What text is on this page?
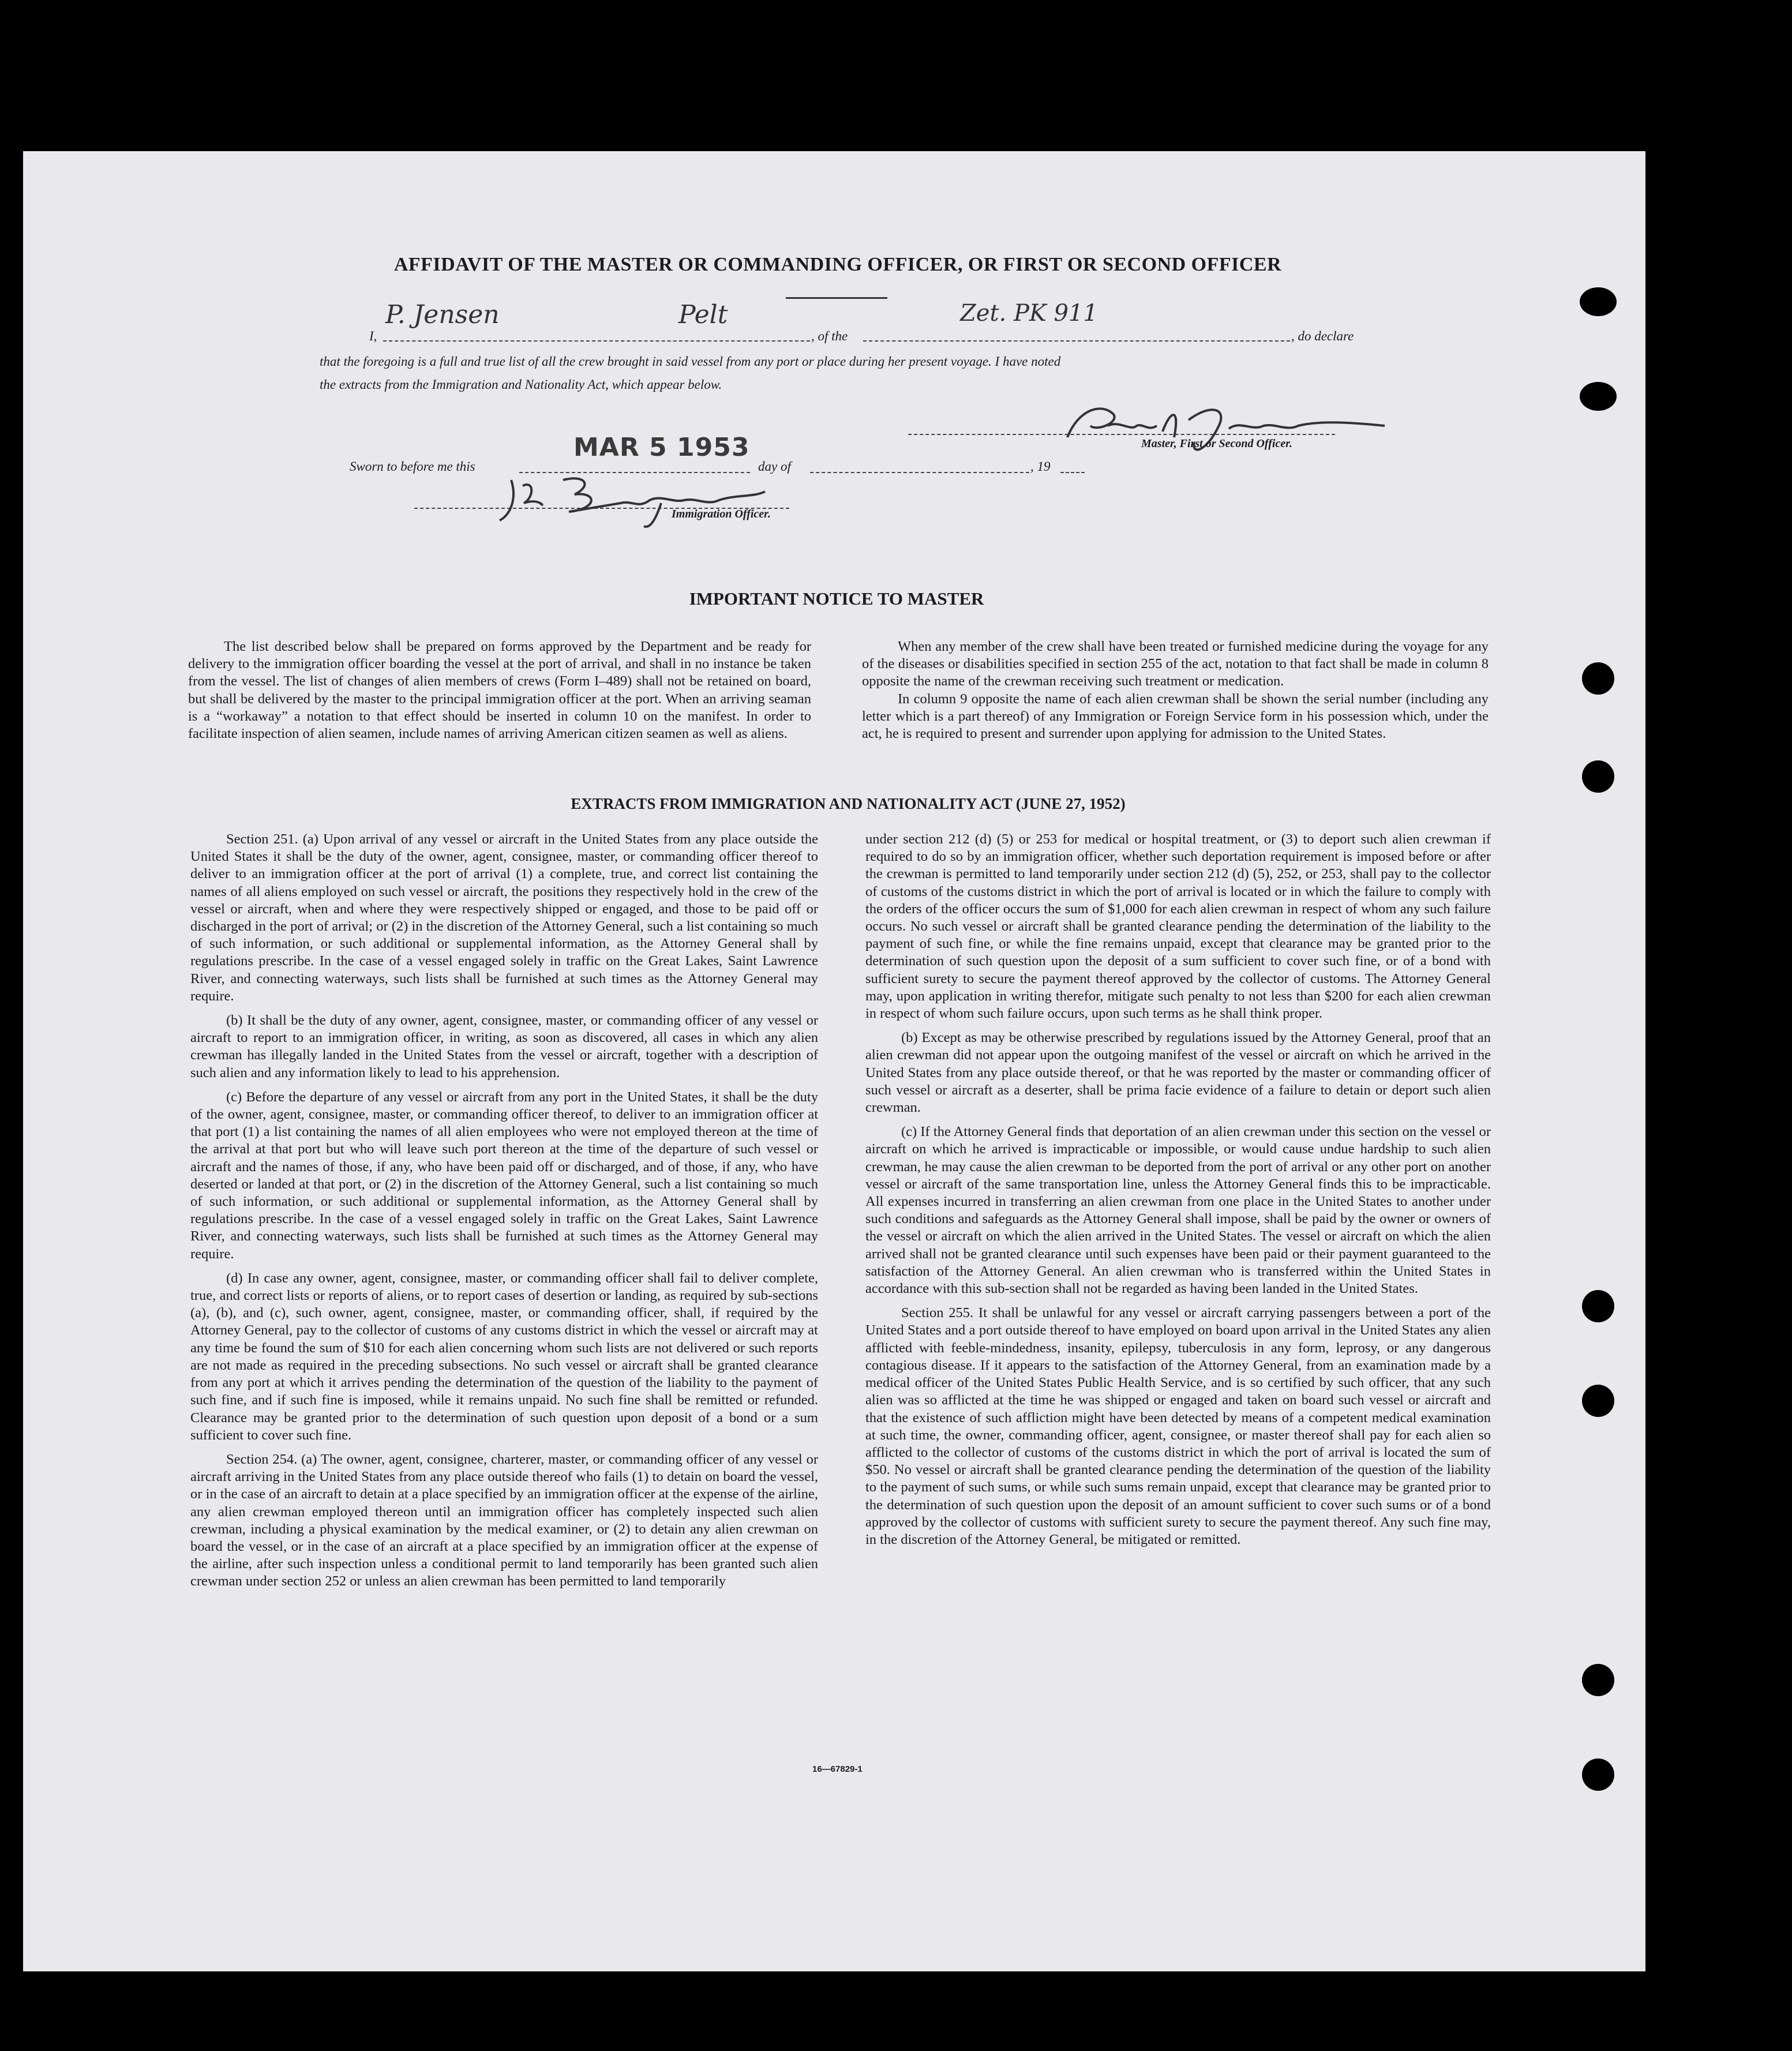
AFFIDAVIT OF THE MASTER OR COMMANDING OFFICER, OR FIRST OR SECOND OFFICER
I,
P. Jensen	Pelt
, of the
Zet. PK 911
, do declare
that the foregoing is a full and true list of all the crew brought in said vessel from any port or place during her present voyage. I have noted
the extracts from the Immigration and Nationality Act, which appear below.
Master, First or Second Officer.
Sworn to before me this
MAR 5 1953
day of	, 19
Immigration Officer.
IMPORTANT NOTICE TO MASTER

The list described below shall be prepared on forms approved by the Department and be ready for delivery to the immigration officer boarding the vessel at the port of arrival, and shall in no instance be taken from the vessel. The list of changes of alien members of crews (Form I–489) shall not be retained on board, but shall be delivered by the master to the principal immigration officer at the port. When an arriving seaman is a “workaway” a notation to that effect should be inserted in column 10 on the manifest. In order to facilitate inspection of alien seamen, include names of arriving American citizen seamen as well as aliens.

When any member of the crew shall have been treated or furnished medicine during the voyage for any of the diseases or disabilities specified in section 255 of the act, notation to that fact shall be made in column 8 opposite the name of the crewman receiving such treatment or medication.

In column 9 opposite the name of each alien crewman shall be shown the serial number (including any letter which is a part thereof) of any Immigration or Foreign Service form in his possession which, under the act, he is required to present and surrender upon applying for admission to the United States.

EXTRACTS FROM IMMIGRATION AND NATIONALITY ACT (JUNE 27, 1952)

Section 251. (a) Upon arrival of any vessel or aircraft in the United States from any place outside the United States it shall be the duty of the owner, agent, consignee, master, or commanding officer thereof to deliver to an immigration officer at the port of arrival (1) a complete, true, and correct list containing the names of all aliens employed on such vessel or aircraft, the positions they respectively hold in the crew of the vessel or aircraft, when and where they were respectively shipped or engaged, and those to be paid off or discharged in the port of arrival; or (2) in the discretion of the Attorney General, such a list containing so much of such information, or such additional or supplemental information, as the Attorney General shall by regulations prescribe. In the case of a vessel engaged solely in traffic on the Great Lakes, Saint Lawrence River, and connecting waterways, such lists shall be furnished at such times as the Attorney General may require.

(b) It shall be the duty of any owner, agent, consignee, master, or commanding officer of any vessel or aircraft to report to an immigration officer, in writing, as soon as discovered, all cases in which any alien crewman has illegally landed in the United States from the vessel or aircraft, together with a description of such alien and any information likely to lead to his apprehension.

(c) Before the departure of any vessel or aircraft from any port in the United States, it shall be the duty of the owner, agent, consignee, master, or commanding officer thereof, to deliver to an immigration officer at that port (1) a list containing the names of all alien employees who were not employed thereon at the time of the arrival at that port but who will leave such port thereon at the time of the departure of such vessel or aircraft and the names of those, if any, who have been paid off or discharged, and of those, if any, who have deserted or landed at that port, or (2) in the discretion of the Attorney General, such a list containing so much of such information, or such additional or supplemental information, as the Attorney General shall by regulations prescribe. In the case of a vessel engaged solely in traffic on the Great Lakes, Saint Lawrence River, and connecting waterways, such lists shall be furnished at such times as the Attorney General may require.

(d) In case any owner, agent, consignee, master, or commanding officer shall fail to deliver complete, true, and correct lists or reports of aliens, or to report cases of desertion or landing, as required by sub-sections (a), (b), and (c), such owner, agent, consignee, master, or commanding officer, shall, if required by the Attorney General, pay to the collector of customs of any customs district in which the vessel or aircraft may at any time be found the sum of $10 for each alien concerning whom such lists are not delivered or such reports are not made as required in the preceding subsections. No such vessel or aircraft shall be granted clearance from any port at which it arrives pending the determination of the question of the liability to the payment of such fine, and if such fine is imposed, while it remains unpaid. No such fine shall be remitted or refunded. Clearance may be granted prior to the determination of such question upon deposit of a bond or a sum sufficient to cover such fine.

Section 254. (a) The owner, agent, consignee, charterer, master, or commanding officer of any vessel or aircraft arriving in the United States from any place outside thereof who fails (1) to detain on board the vessel, or in the case of an aircraft to detain at a place specified by an immigration officer at the expense of the airline, any alien crewman employed thereon until an immigration officer has completely inspected such alien crewman, including a physical examination by the medical examiner, or (2) to detain any alien crewman on board the vessel, or in the case of an aircraft at a place specified by an immigration officer at the expense of the airline, after such inspection unless a conditional permit to land temporarily has been granted such alien crewman under section 252 or unless an alien crewman has been permitted to land temporarily

under section 212 (d) (5) or 253 for medical or hospital treatment, or (3) to deport such alien crewman if required to do so by an immigration officer, whether such deportation requirement is imposed before or after the crewman is permitted to land temporarily under section 212 (d) (5), 252, or 253, shall pay to the collector of customs of the customs district in which the port of arrival is located or in which the failure to comply with the orders of the officer occurs the sum of $1,000 for each alien crewman in respect of whom any such failure occurs. No such vessel or aircraft shall be granted clearance pending the determination of the liability to the payment of such fine, or while the fine remains unpaid, except that clearance may be granted prior to the determination of such question upon the deposit of a sum sufficient to cover such fine, or of a bond with sufficient surety to secure the payment thereof approved by the collector of customs. The Attorney General may, upon application in writing therefor, mitigate such penalty to not less than $200 for each alien crewman in respect of whom such failure occurs, upon such terms as he shall think proper.

(b) Except as may be otherwise prescribed by regulations issued by the Attorney General, proof that an alien crewman did not appear upon the outgoing manifest of the vessel or aircraft on which he arrived in the United States from any place outside thereof, or that he was reported by the master or commanding officer of such vessel or aircraft as a deserter, shall be prima facie evidence of a failure to detain or deport such alien crewman.

(c) If the Attorney General finds that deportation of an alien crewman under this section on the vessel or aircraft on which he arrived is impracticable or impossible, or would cause undue hardship to such alien crewman, he may cause the alien crewman to be deported from the port of arrival or any other port on another vessel or aircraft of the same transportation line, unless the Attorney General finds this to be impracticable. All expenses incurred in transferring an alien crewman from one place in the United States to another under such conditions and safeguards as the Attorney General shall impose, shall be paid by the owner or owners of the vessel or aircraft on which the alien arrived in the United States. The vessel or aircraft on which the alien arrived shall not be granted clearance until such expenses have been paid or their payment guaranteed to the satisfaction of the Attorney General. An alien crewman who is transferred within the United States in accordance with this sub-section shall not be regarded as having been landed in the United States.

Section 255. It shall be unlawful for any vessel or aircraft carrying passengers between a port of the United States and a port outside thereof to have employed on board upon arrival in the United States any alien afflicted with feeble-mindedness, insanity, epilepsy, tuberculosis in any form, leprosy, or any dangerous contagious disease. If it appears to the satisfaction of the Attorney General, from an examination made by a medical officer of the United States Public Health Service, and is so certified by such officer, that any such alien was so afflicted at the time he was shipped or engaged and taken on board such vessel or aircraft and that the existence of such affliction might have been detected by means of a competent medical examination at such time, the owner, commanding officer, agent, consignee, or master thereof shall pay for each alien so afflicted to the collector of customs of the customs district in which the port of arrival is located the sum of $50. No vessel or aircraft shall be granted clearance pending the determination of the question of the liability to the payment of such sums, or while such sums remain unpaid, except that clearance may be granted prior to the determination of such question upon the deposit of an amount sufficient to cover such sums or of a bond approved by the collector of customs with sufficient surety to secure the payment thereof. Any such fine may, in the discretion of the Attorney General, be mitigated or remitted.

16—67829-1
